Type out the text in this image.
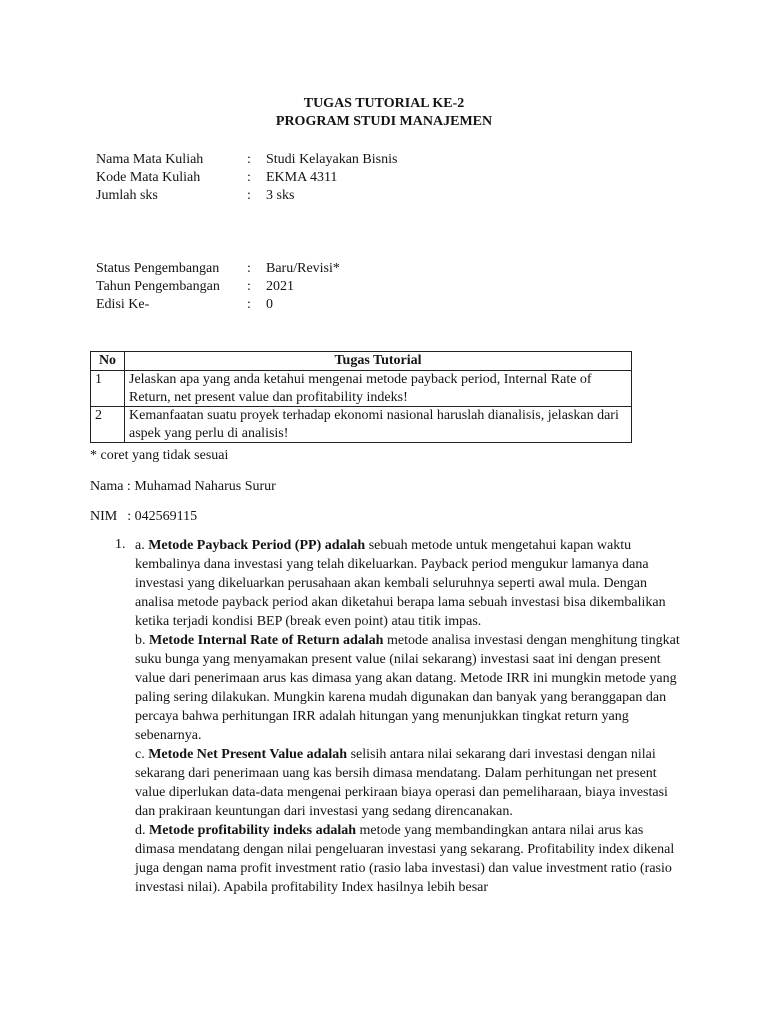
TUGAS TUTORIAL KE-2
PROGRAM STUDI MANAJEMEN
Nama Mata Kuliah	: Studi Kelayakan Bisnis
Kode Mata Kuliah	: EKMA 4311
Jumlah sks	: 3 sks
Status Pengembangan : Baru/Revisi*
Tahun Pengembangan : 2021
Edisi Ke-	: 0
No	Tugas Tutorial
1	Jelaskan apa yang anda ketahui mengenai metode payback period, Internal Rate of Return, net present value dan profitability indeks!
2	Kemanfaatan suatu proyek terhadap ekonomi nasional haruslah dianalisis, jelaskan dari aspek yang perlu di analisis!
* coret yang tidak sesuai
Nama : Muhamad Naharus Surur
NIM : 042569115
1. a. Metode Payback Period (PP) adalah sebuah metode untuk mengetahui kapan waktu kembalinya dana investasi yang telah dikeluarkan. Payback period mengukur lamanya dana investasi yang dikeluarkan perusahaan akan kembali seluruhnya seperti awal mula. Dengan analisa metode payback period akan diketahui berapa lama sebuah investasi bisa dikembalikan ketika terjadi kondisi BEP (break even point) atau titik impas.

b. Metode Internal Rate of Return adalah metode analisa investasi dengan menghitung tingkat suku bunga yang menyamakan present value (nilai sekarang) investasi saat ini dengan present value dari penerimaan arus kas dimasa yang akan datang. Metode IRR ini mungkin metode yang paling sering dilakukan. Mungkin karena mudah digunakan dan banyak yang beranggapan dan percaya bahwa perhitungan IRR adalah hitungan yang menunjukkan tingkat return yang sebenarnya.

c. Metode Net Present Value adalah selisih antara nilai sekarang dari investasi dengan nilai sekarang dari penerimaan uang kas bersih dimasa mendatang. Dalam perhitungan net present value diperlukan data-data mengenai perkiraan biaya operasi dan pemeliharaan, biaya investasi dan prakiraan keuntungan dari investasi yang sedang direncanakan.

d. Metode profitability indeks adalah metode yang membandingkan antara nilai arus kas dimasa mendatang dengan nilai pengeluaran investasi yang sekarang. Profitability index dikenal juga dengan nama profit investment ratio (rasio laba investasi) dan value investment ratio (rasio investasi nilai). Apabila profitability Index hasilnya lebih besar
